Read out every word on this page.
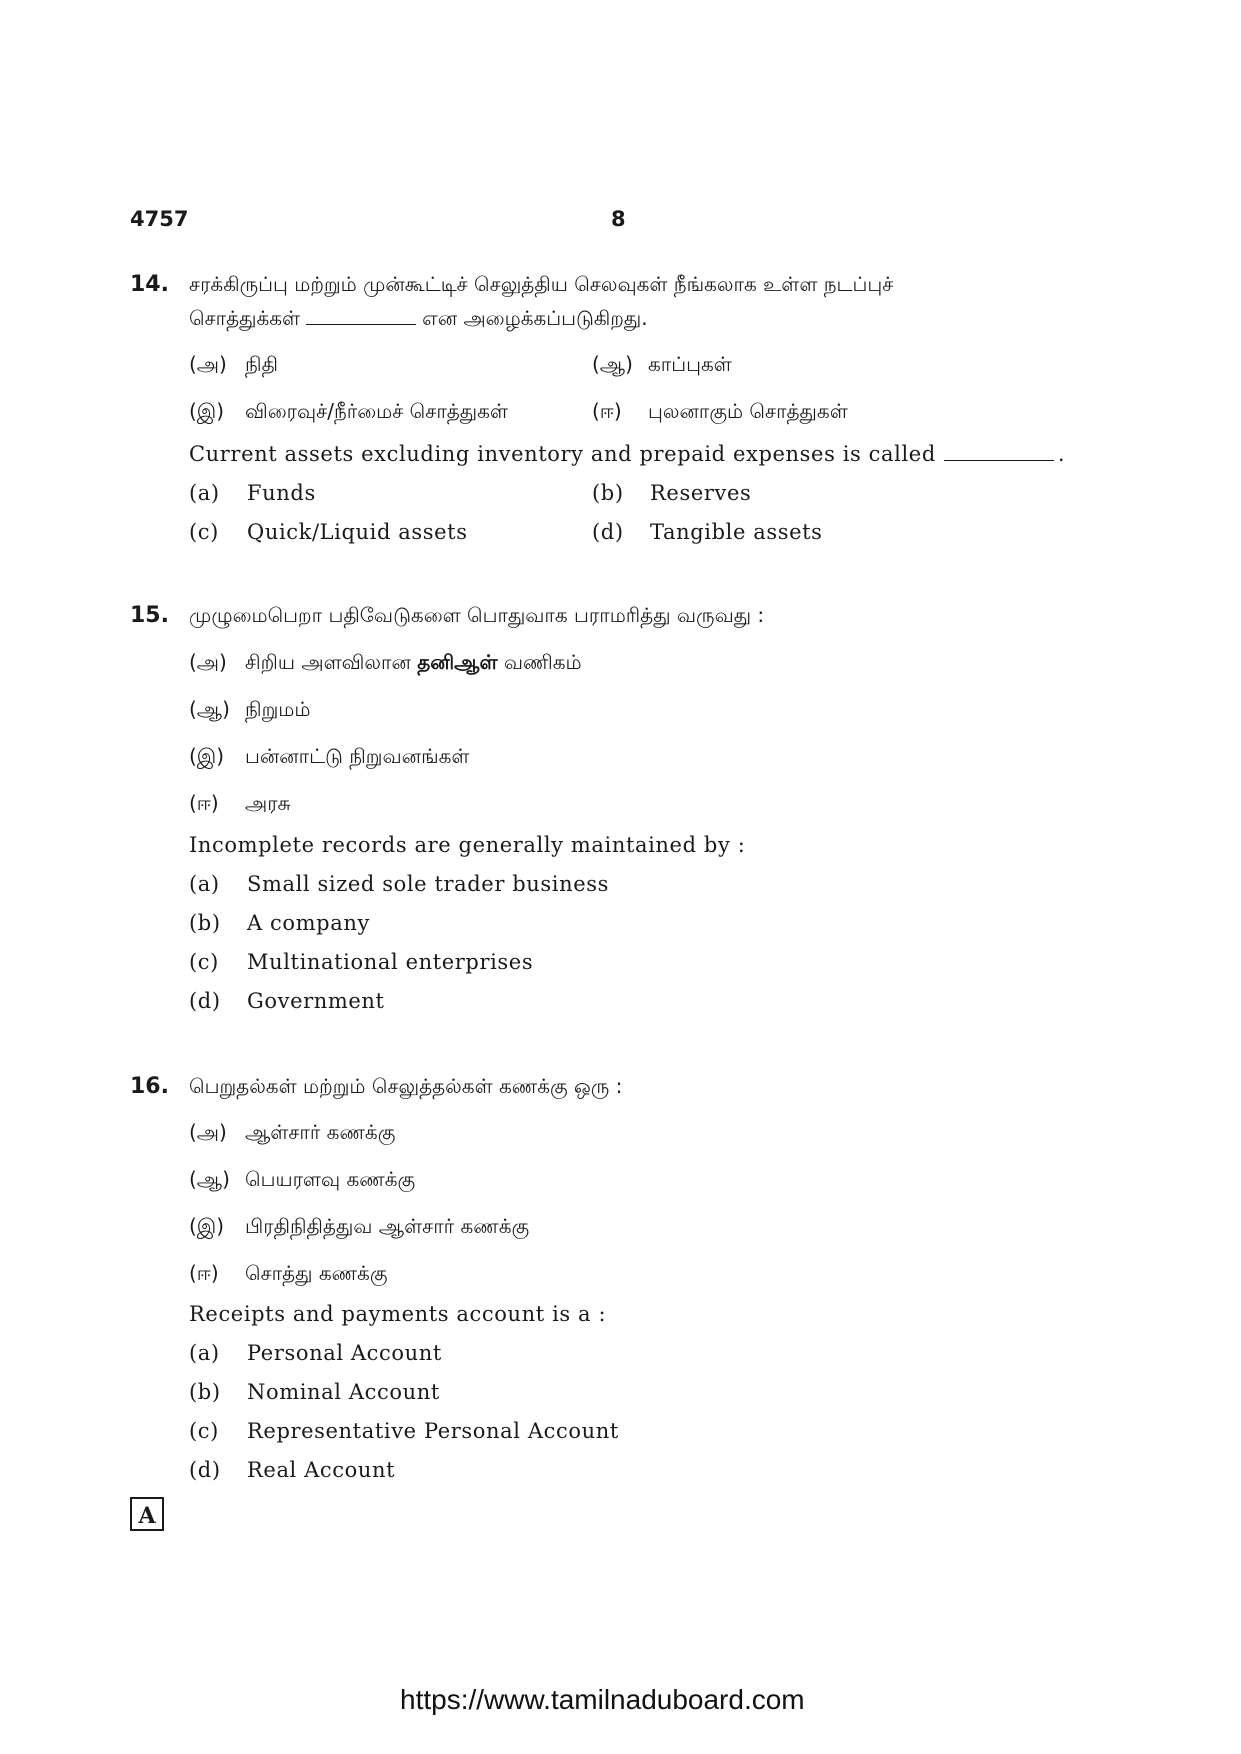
4757	8
14. சரக்கிருப்பு மற்றும் முன்கூட்டிச் செலுத்திய செலவுகள் நீங்கலாக உள்ள நடப்புச்
சொத்துக்கள்	என அழைக்கப்படுகிறது.
(அ) நிதி	(ஆ) காப்புகள்
(இ) விரைவுச்/நீர்மைச் சொத்துகள்	(ஈ) புலனாகும் சொத்துகள்
Current assets excluding inventory and prepaid expenses is called	.
(a) Funds	(b) Reserves
(c) Quick/Liquid assets	(d) Tangible assets
15. முழுமைபெறா பதிவேடுகளை பொதுவாக பராமரித்து வருவது :
(அ) சிறிய அளவிலான தனிஆள் வணிகம்
(ஆ) நிறுமம்
(இ) பன்னாட்டு நிறுவனங்கள்
(ஈ) அரசு
Incomplete records are generally maintained by :
(a) Small sized sole trader business
(b) A company
(c) Multinational enterprises
(d) Government
16. பெறுதல்கள் மற்றும் செலுத்தல்கள் கணக்கு ஒரு :
(அ) ஆள்சார் கணக்கு
(ஆ) பெயரளவு கணக்கு
(இ) பிரதிநிதித்துவ ஆள்சார் கணக்கு
(ஈ) சொத்து கணக்கு
Receipts and payments account is a :
(a) Personal Account
(b) Nominal Account
(c) Representative Personal Account
(d) Real Account
A
https://www.tamilnaduboard.com
